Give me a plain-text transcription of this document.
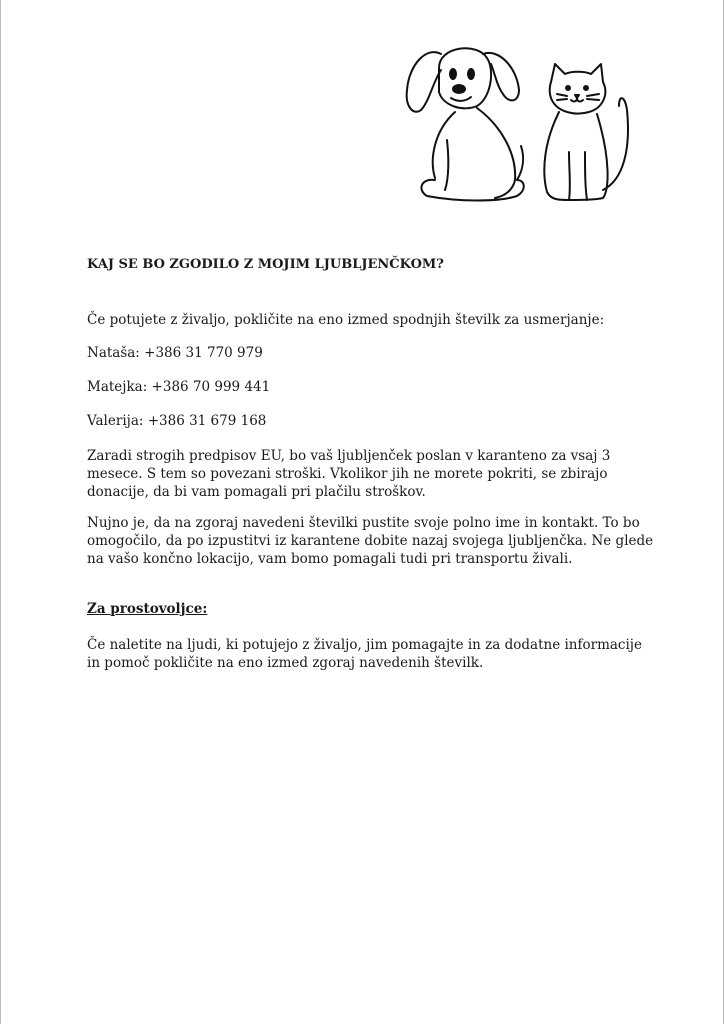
KAJ SE BO ZGODILO Z MOJIM LJUBLJENČKOM?

Če potujete z živaljo, pokličite na eno izmed spodnjih številk za usmerjanje:

Nataša: +386 31 770 979

Matejka: +386 70 999 441

Valerija: +386 31 679 168

Zaradi strogih predpisov EU, bo vaš ljubljenček poslan v karanteno za vsaj 3 mesece. S tem so povezani stroški. Vkolikor jih ne morete pokriti, se zbirajo donacije, da bi vam pomagali pri plačilu stroškov.

Nujno je, da na zgoraj navedeni številki pustite svoje polno ime in kontakt. To bo omogočilo, da po izpustitvi iz karantene dobite nazaj svojega ljubljenčka. Ne glede na vašo končno lokacijo, vam bomo pomagali tudi pri transportu živali.

Za prostovoljce:

Če naletite na ljudi, ki potujejo z živaljo, jim pomagajte in za dodatne informacije in pomoč pokličite na eno izmed zgoraj navedenih številk.
